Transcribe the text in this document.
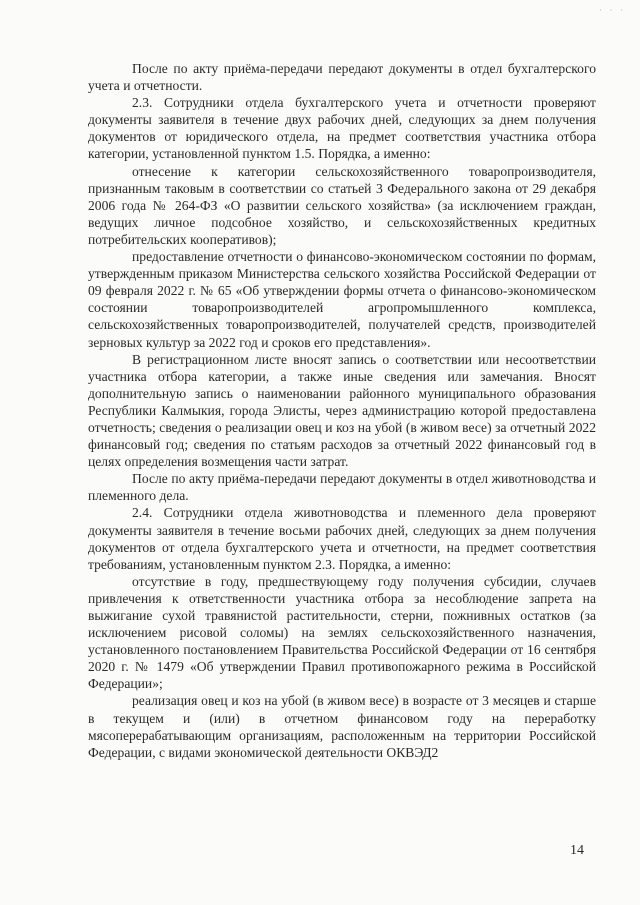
· · ·

После по акту приёма-передачи передают документы в отдел бухгалтерского учета и отчетности.

2.3. Сотрудники отдела бухгалтерского учета и отчетности проверяют документы заявителя в течение двух рабочих дней, следующих за днем получения документов от юридического отдела, на предмет соответствия участника отбора категории, установленной пунктом 1.5. Порядка, а именно:

отнесение к категории сельскохозяйственного товаропроизводителя, признанным таковым в соответствии со статьей 3 Федерального закона от 29 декабря 2006 года № 264-ФЗ «О развитии сельского хозяйства» (за исключением граждан, ведущих личное подсобное хозяйство, и сельскохозяйственных кредитных потребительских кооперативов);

предоставление отчетности о финансово-экономическом состоянии по формам, утвержденным приказом Министерства сельского хозяйства Российской Федерации от 09 февраля 2022 г. № 65 «Об утверждении формы отчета о финансово-экономическом состоянии товаропроизводителей агропромышленного комплекса, сельскохозяйственных товаропроизводителей, получателей средств, производителей зерновых культур за 2022 год и сроков его представления».

В регистрационном листе вносят запись о соответствии или несоответствии участника отбора категории, а также иные сведения или замечания. Вносят дополнительную запись о наименовании районного муниципального образования Республики Калмыкия, города Элисты, через администрацию которой предоставлена отчетность; сведения о реализации овец и коз на убой (в живом весе) за отчетный 2022 финансовый год; сведения по статьям расходов за отчетный 2022 финансовый год в целях определения возмещения части затрат.

После по акту приёма-передачи передают документы в отдел животноводства и племенного дела.

2.4. Сотрудники отдела животноводства и племенного дела проверяют документы заявителя в течение восьми рабочих дней, следующих за днем получения документов от отдела бухгалтерского учета и отчетности, на предмет соответствия требованиям, установленным пунктом 2.3. Порядка, а именно:

отсутствие в году, предшествующему году получения субсидии, случаев привлечения к ответственности участника отбора за несоблюдение запрета на выжигание сухой травянистой растительности, стерни, пожнивных остатков (за исключением рисовой соломы) на землях сельскохозяйственного назначения, установленного постановлением Правительства Российской Федерации от 16 сентября 2020 г. № 1479 «Об утверждении Правил противопожарного режима в Российской Федерации»;

реализация овец и коз на убой (в живом весе) в возрасте от 3 месяцев и старше в текущем и (или) в отчетном финансовом году на переработку мясоперерабатывающим организациям, расположенным на территории Российской Федерации, с видами экономической деятельности ОКВЭД2

14
